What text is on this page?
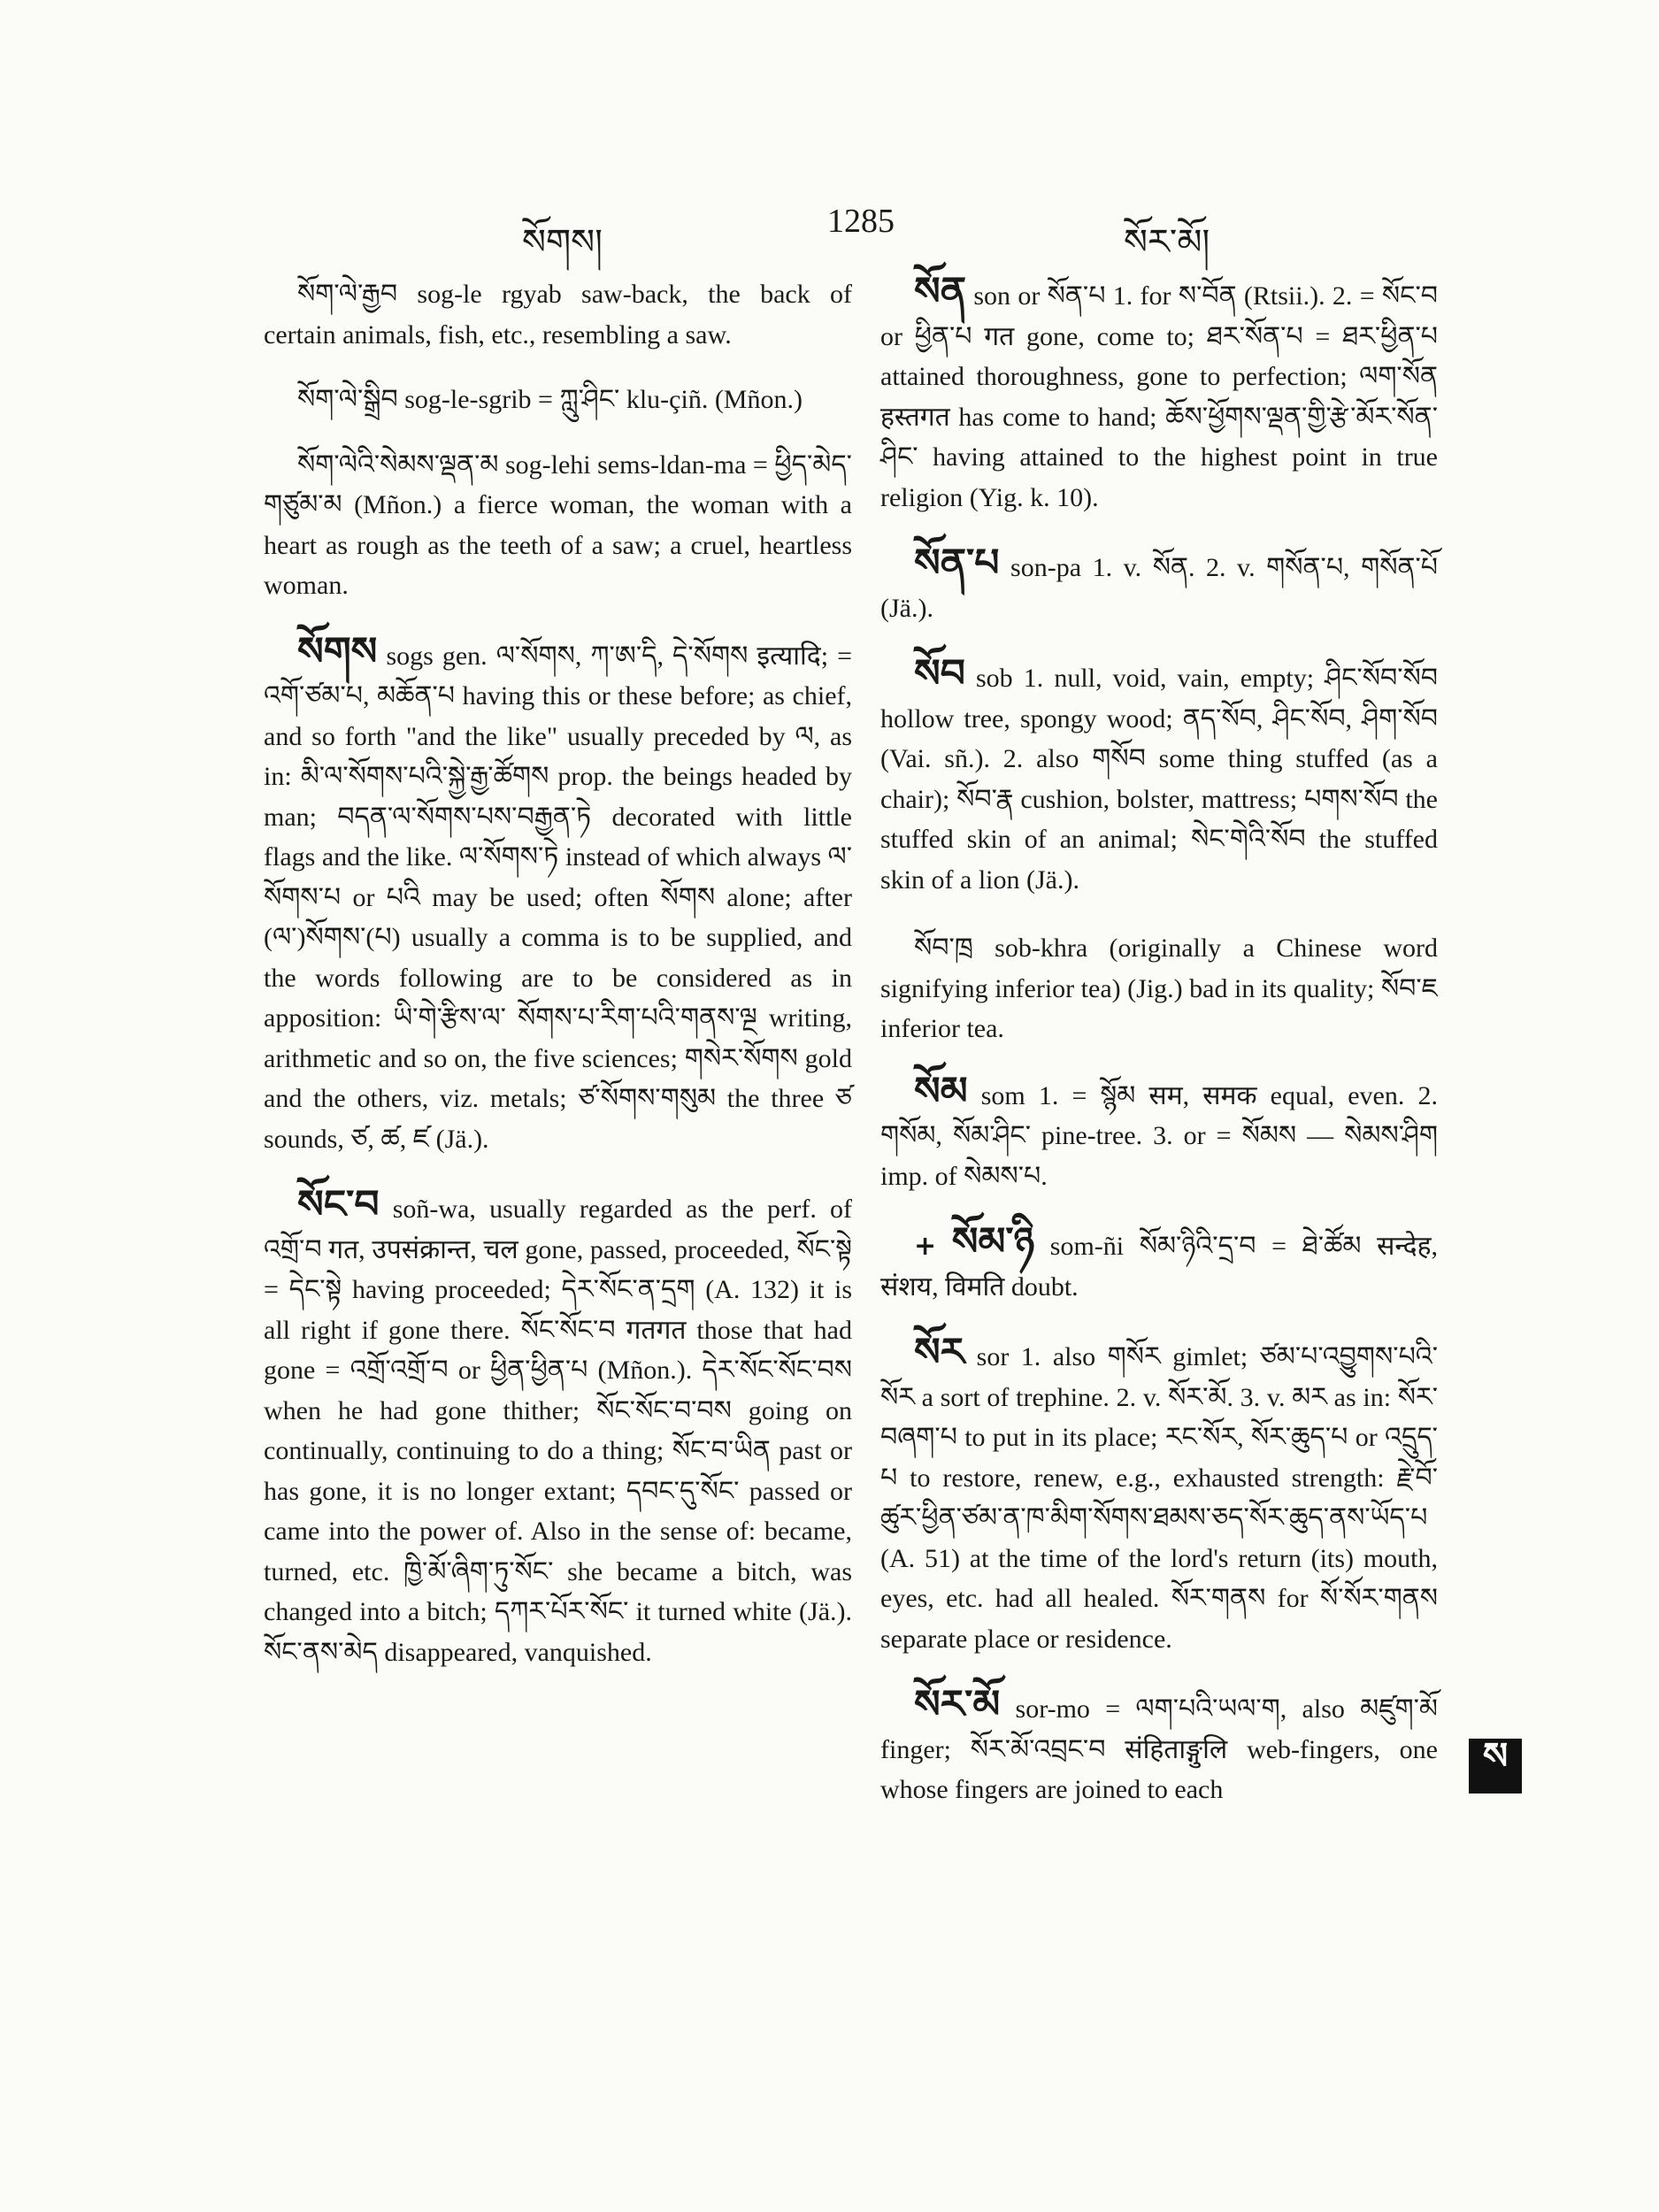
སོགས།
1285
སོར་མོ།

སོག་ལེ་རྒྱབ sog-le rgyab saw-back, the back of certain animals, fish, etc., resembling a saw.

སོག་ལེ་སྒྲིབ sog-le-sgrib = ཀླུ་ཤིང་ klu-çiñ. (Mñon.)

སོག་ལེའི་སེམས་ལྡན་མ sog-lehi sems-ldan-ma = ཕྱིད་མེད་གཙུམ་མ (Mñon.) a fierce woman, the woman with a heart as rough as the teeth of a saw; a cruel, heartless woman.

སོགས sogs gen. ལ་སོགས, ཀ་ཨ་དི, དེ་སོགས इत्यादि; = འགོ་ཙམ་པ, མཆོན་པ having this or these before; as chief, and so forth "and the like" usually preceded by ལ, as in: མི་ལ་སོགས་པའི་སྐྱེ་རྒྱ་ཚོགས prop. the beings headed by man; བདན་ལ་སོགས་པས་བརྒྱན་ཏེ decorated with little flags and the like. ལ་སོགས་ཏེ instead of which always ལ་སོགས་པ or པའི may be used; often སོགས alone; after (ལ་)སོགས་(པ) usually a comma is to be supplied, and the words following are to be considered as in apposition: ཡི་གེ་རྩིས་ལ་ སོགས་པ་རིག་པའི་གནས་ལྔ writing, arithmetic and so on, the five sciences; གསེར་སོགས gold and the others, viz. metals; ཙ་སོགས་གསུམ the three ཙ sounds, ཙ, ཚ, ཛ (Jä.).

སོང་བ soñ-wa, usually regarded as the perf. of འགྲོ་བ गत, उपसंक्रान्त, चल gone, passed, proceeded, སོང་སྟེ = དེང་སྟེ having proceeded; དེར་སོང་ན་དྲག (A. 132) it is all right if gone there. སོང་སོང་བ गतगत those that had gone = འགྲོ་འགྲོ་བ or ཕྱིན་ཕྱིན་པ (Mñon.). དེར་སོང་སོང་བས when he had gone thither; སོང་སོང་བ་བས going on continually, continuing to do a thing; སོང་བ་ཡིན past or has gone, it is no longer extant; དབང་དུ་སོང་ passed or came into the power of. Also in the sense of: became, turned, etc. ཁྱི་མོ་ཞིག་ཏུ་སོང་ she became a bitch, was changed into a bitch; དཀར་པོར་སོང་ it turned white (Jä.). སོང་ནས་མེད disappeared, vanquished.

སོན son or སོན་པ 1. for ས་བོན (Rtsii.). 2. = སོང་བ or ཕྱིན་པ गत gone, come to; ཐར་སོན་པ = ཐར་ཕྱིན་པ attained thoroughness, gone to perfection; ལག་སོན हस्तगत has come to hand; ཆོས་ཕྱོགས་ལྡན་གྱི་རྩེ་མོར་སོན་ཤིང་ having attained to the highest point in true religion (Yig. k. 10).

སོན་པ son-pa 1. v. སོན. 2. v. གསོན་པ, གསོན་པོ (Jä.).

སོབ sob 1. null, void, vain, empty; ཤིང་སོབ་སོབ hollow tree, spongy wood; ནད་སོབ, ཤིང་སོབ, ཤིག་སོབ (Vai. sñ.). 2. also གསོབ some thing stuffed (as a chair); སོབ་རྣ cushion, bolster, mattress; པགས་སོབ the stuffed skin of an animal; སེང་གེའི་སོབ the stuffed skin of a lion (Jä.).

སོབ་ཁྲ sob-khra (originally a Chinese word signifying inferior tea) (Jig.) bad in its quality; སོབ་ཇ inferior tea.

སོམ som 1. = སྙོམ सम, समक equal, even. 2. གསོམ, སོམ་ཤིང་ pine-tree. 3. or = སོམས — སེམས་ཤིག imp. of སེམས་པ.

+ སོམ་ཉི som-ñi སོམ་ཉིའི་དྲ་བ = ཐེ་ཚོམ सन्देह, संशय, विमति doubt.

སོར sor 1. also གསོར gimlet; ཙམ་པ་འབྱུགས་པའི་སོར a sort of trephine. 2. v. སོར་མོ. 3. v. མར as in: སོར་བཞག་པ to put in its place; རང་སོར, སོར་ཆུད་པ or འདྲུད་པ to restore, renew, e.g., exhausted strength: རྗེ་བོ་ཚུར་ཕྱིན་ཙམ་ན་ཁ་མིག་སོགས་ཐམས་ཅད་སོར་ཆུད་ནས་ཡོད་པ (A. 51) at the time of the lord's return (its) mouth, eyes, etc. had all healed. སོར་གནས for སོ་སོར་གནས separate place or residence.

སོར་མོ sor-mo = ལག་པའི་ཡལ་ག, also མཛུག་མོ finger; སོར་མོ་འབྲང་བ संहिताङ्गुलि web-fingers, one whose fingers are joined to each

ས
